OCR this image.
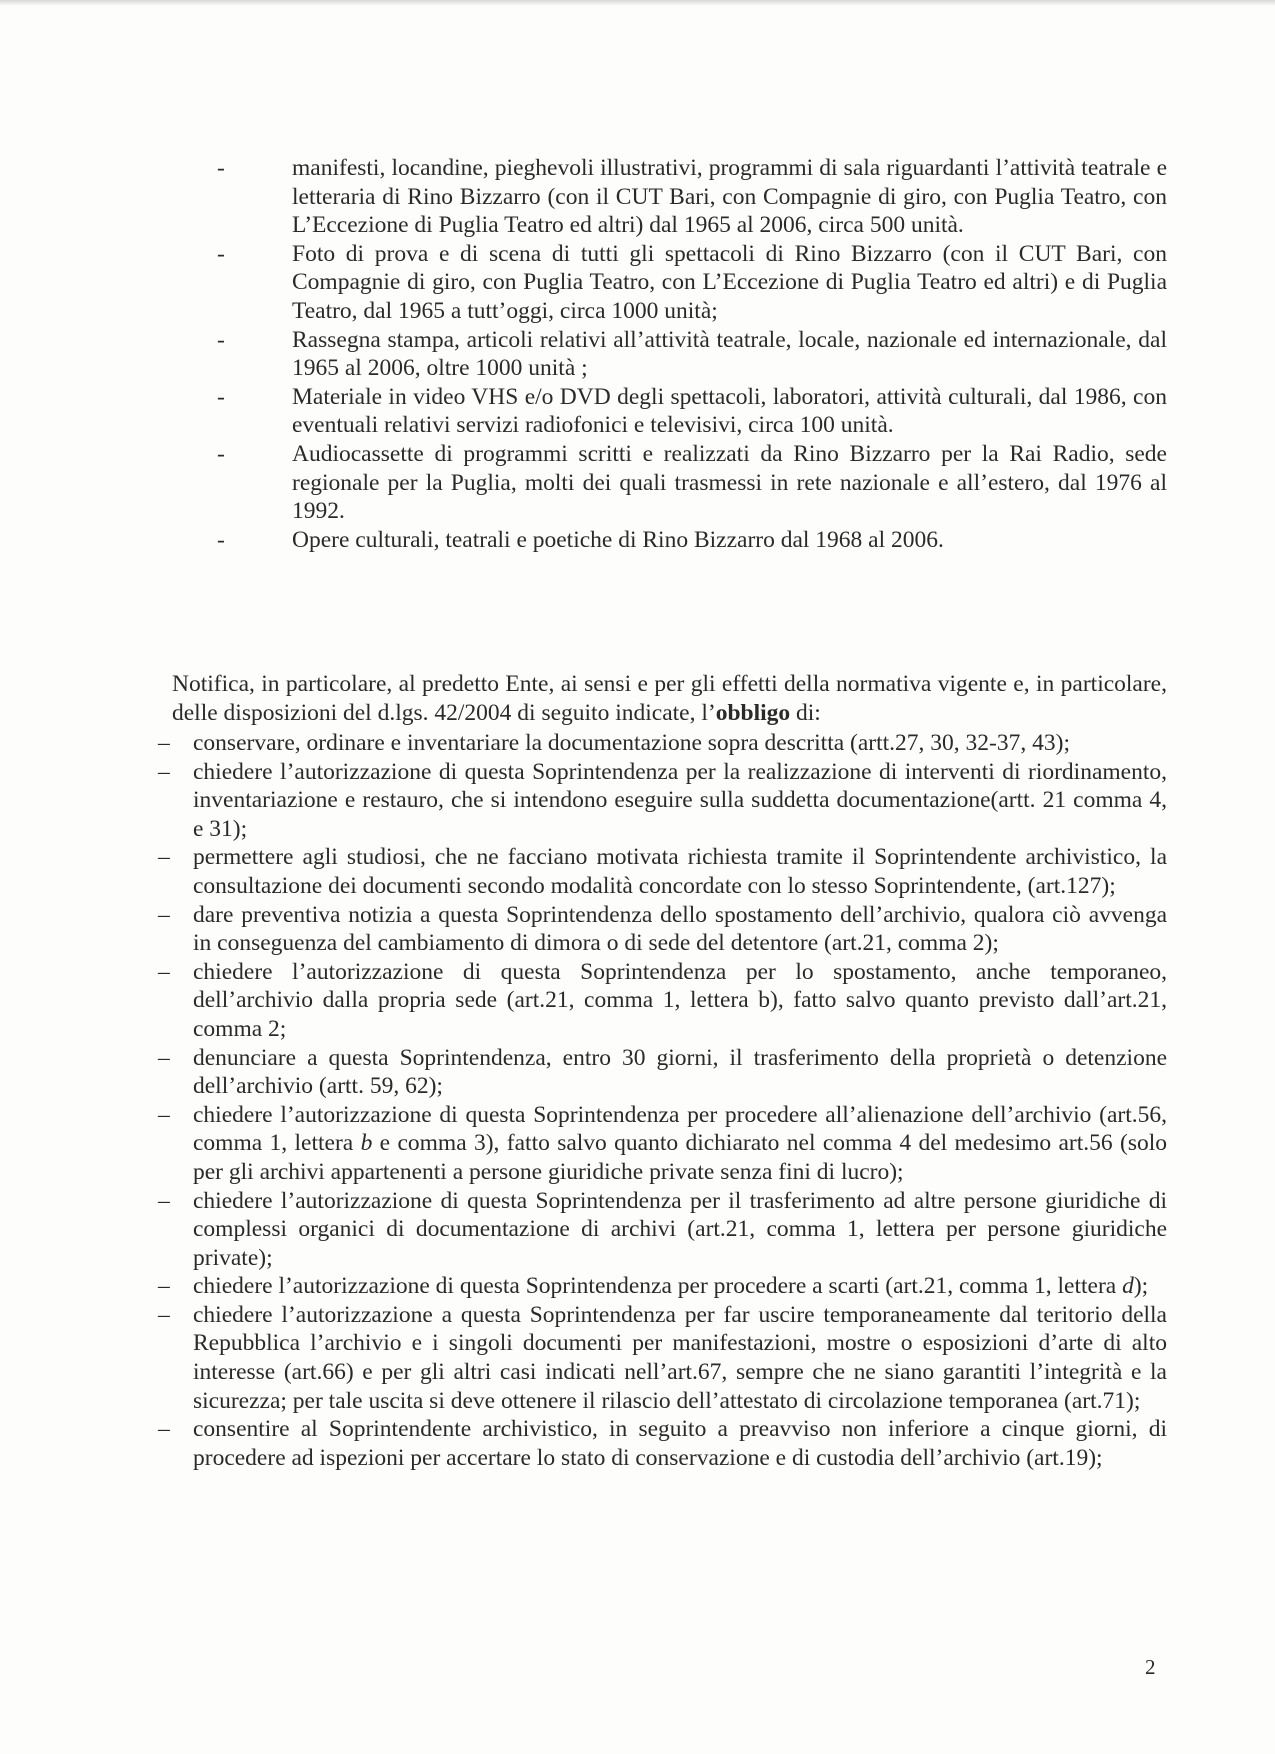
-	manifesti, locandine, pieghevoli illustrativi, programmi di sala riguardanti l’attività teatrale e letteraria di Rino Bizzarro (con il CUT Bari, con Compagnie di giro, con Puglia Teatro, con L’Eccezione di Puglia Teatro ed altri) dal 1965 al 2006, circa 500 unità.
-	Foto di prova e di scena di tutti gli spettacoli di Rino Bizzarro (con il CUT Bari, con Compagnie di giro, con Puglia Teatro, con L’Eccezione di Puglia Teatro ed altri) e di Puglia Teatro, dal 1965 a tutt’oggi, circa 1000 unità;
-	Rassegna stampa, articoli relativi all’attività teatrale, locale, nazionale ed internazionale, dal 1965 al 2006, oltre 1000 unità ;
-	Materiale in video VHS e/o DVD degli spettacoli, laboratori, attività culturali, dal 1986, con eventuali relativi servizi radiofonici e televisivi, circa 100 unità.
-	Audiocassette di programmi scritti e realizzati da Rino Bizzarro per la Rai Radio, sede regionale per la Puglia, molti dei quali trasmessi in rete nazionale e all’estero, dal 1976 al 1992.
-	Opere culturali, teatrali e poetiche di Rino Bizzarro dal 1968 al 2006.

Notifica, in particolare, al predetto Ente, ai sensi e per gli effetti della normativa vigente e, in particolare, delle disposizioni del d.lgs. 42/2004 di seguito indicate, l’obbligo di:

– conservare, ordinare e inventariare la documentazione sopra descritta (artt.27, 30, 32-37, 43);
– chiedere l’autorizzazione di questa Soprintendenza per la realizzazione di interventi di riordinamento, inventariazione e restauro, che si intendono eseguire sulla suddetta documentazione(artt. 21 comma 4, e 31);
– permettere agli studiosi, che ne facciano motivata richiesta tramite il Soprintendente archivistico, la consultazione dei documenti secondo modalità concordate con lo stesso Soprintendente, (art.127);
– dare preventiva notizia a questa Soprintendenza dello spostamento dell’archivio, qualora ciò avvenga in conseguenza del cambiamento di dimora o di sede del detentore (art.21, comma 2);
– chiedere l’autorizzazione di questa Soprintendenza per lo spostamento, anche temporaneo, dell’archivio dalla propria sede (art.21, comma 1, lettera b), fatto salvo quanto previsto dall’art.21, comma 2;
– denunciare a questa Soprintendenza, entro 30 giorni, il trasferimento della proprietà o detenzione dell’archivio (artt. 59, 62);
– chiedere l’autorizzazione di questa Soprintendenza per procedere all’alienazione dell’archivio (art.56, comma 1, lettera b e comma 3), fatto salvo quanto dichiarato nel comma 4 del medesimo art.56 (solo per gli archivi appartenenti a persone giuridiche private senza fini di lucro);
– chiedere l’autorizzazione di questa Soprintendenza per il trasferimento ad altre persone giuridiche di complessi organici di documentazione di archivi (art.21, comma 1, lettera per persone giuridiche private);
– chiedere l’autorizzazione di questa Soprintendenza per procedere a scarti (art.21, comma 1, lettera d);
– chiedere l’autorizzazione a questa Soprintendenza per far uscire temporaneamente dal teritorio della Repubblica l’archivio e i singoli documenti per manifestazioni, mostre o esposizioni d’arte di alto interesse (art.66) e per gli altri casi indicati nell’art.67, sempre che ne siano garantiti l’integrità e la sicurezza; per tale uscita si deve ottenere il rilascio dell’attestato di circolazione temporanea (art.71);
– consentire al Soprintendente archivistico, in seguito a preavviso non inferiore a cinque giorni, di procedere ad ispezioni per accertare lo stato di conservazione e di custodia dell’archivio (art.19);
2
